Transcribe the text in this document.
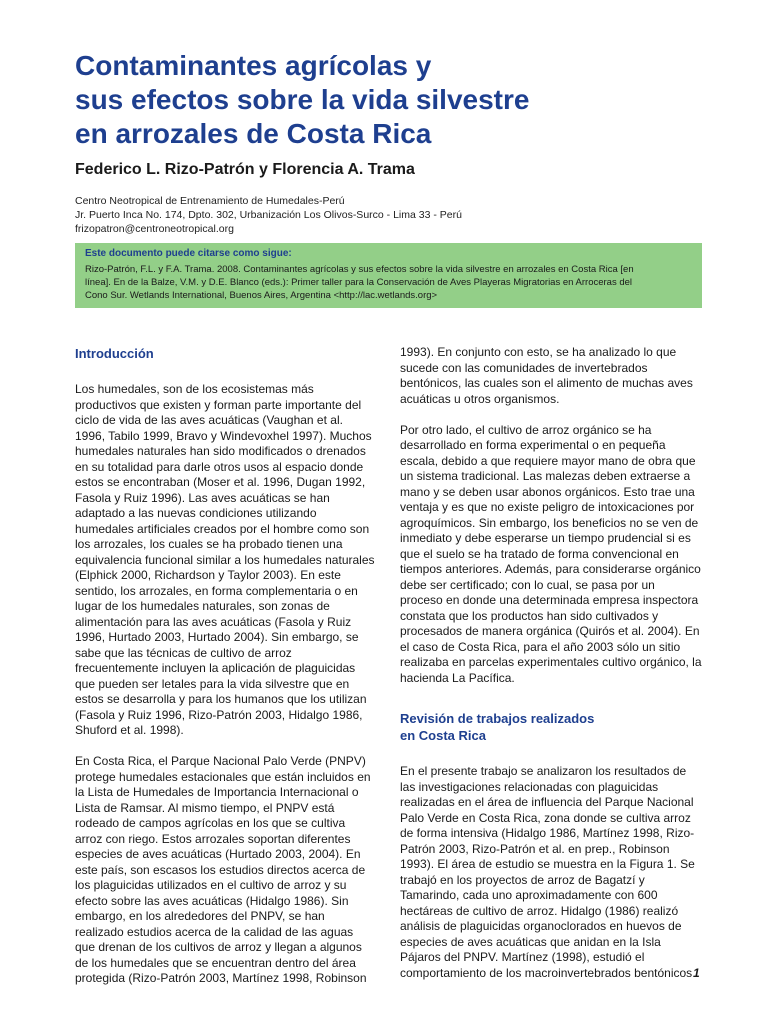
Contaminantes agrícolas y
sus efectos sobre la vida silvestre
en arrozales de Costa Rica
Federico L. Rizo-Patrón y Florencia A. Trama
Centro Neotropical de Entrenamiento de Humedales-Perú
Jr. Puerto Inca No. 174, Dpto. 302, Urbanización Los Olivos-Surco - Lima 33 - Perú
frizopatron@centroneotropical.org
Este documento puede citarse como sigue:
Rizo-Patrón, F.L. y F.A. Trama. 2008. Contaminantes agrícolas y sus efectos sobre la vida silvestre en arrozales en Costa Rica [en
línea]. En de la Balze, V.M. y D.E. Blanco (eds.): Primer taller para la Conservación de Aves Playeras Migratorias en Arroceras del
Cono Sur. Wetlands International, Buenos Aires, Argentina <http://lac.wetlands.org>
Introducción
Los humedales, son de los ecosistemas más
productivos que existen y forman parte importante del
ciclo de vida de las aves acuáticas (Vaughan et al.
1996, Tabilo 1999, Bravo y Windevoxhel 1997). Muchos
humedales naturales han sido modificados o drenados
en su totalidad para darle otros usos al espacio donde
estos se encontraban (Moser et al. 1996, Dugan 1992,
Fasola y Ruiz 1996). Las aves acuáticas se han
adaptado a las nuevas condiciones utilizando
humedales artificiales creados por el hombre como son
los arrozales, los cuales se ha probado tienen una
equivalencia funcional similar a los humedales naturales
(Elphick 2000, Richardson y Taylor 2003). En este
sentido, los arrozales, en forma complementaria o en
lugar de los humedales naturales, son zonas de
alimentación para las aves acuáticas (Fasola y Ruiz
1996, Hurtado 2003, Hurtado 2004). Sin embargo, se
sabe que las técnicas de cultivo de arroz
frecuentemente incluyen la aplicación de plaguicidas
que pueden ser letales para la vida silvestre que en
estos se desarrolla y para los humanos que los utilizan
(Fasola y Ruiz 1996, Rizo-Patrón 2003, Hidalgo 1986,
Shuford et al. 1998).
En Costa Rica, el Parque Nacional Palo Verde (PNPV)
protege humedales estacionales que están incluidos en
la Lista de Humedales de Importancia Internacional o
Lista de Ramsar. Al mismo tiempo, el PNPV está
rodeado de campos agrícolas en los que se cultiva
arroz con riego. Estos arrozales soportan diferentes
especies de aves acuáticas (Hurtado 2003, 2004). En
este país, son escasos los estudios directos acerca de
los plaguicidas utilizados en el cultivo de arroz y su
efecto sobre las aves acuáticas (Hidalgo 1986). Sin
embargo, en los alrededores del PNPV, se han
realizado estudios acerca de la calidad de las aguas
que drenan de los cultivos de arroz y llegan a algunos
de los humedales que se encuentran dentro del área
protegida (Rizo-Patrón 2003, Martínez 1998, Robinson
1993). En conjunto con esto, se ha analizado lo que
sucede con las comunidades de invertebrados
bentónicos, las cuales son el alimento de muchas aves
acuáticas u otros organismos.
Por otro lado, el cultivo de arroz orgánico se ha
desarrollado en forma experimental o en pequeña
escala, debido a que requiere mayor mano de obra que
un sistema tradicional. Las malezas deben extraerse a
mano y se deben usar abonos orgánicos. Esto trae una
ventaja y es que no existe peligro de intoxicaciones por
agroquímicos. Sin embargo, los beneficios no se ven de
inmediato y debe esperarse un tiempo prudencial si es
que el suelo se ha tratado de forma convencional en
tiempos anteriores. Además, para considerarse orgánico
debe ser certificado; con lo cual, se pasa por un
proceso en donde una determinada empresa inspectora
constata que los productos han sido cultivados y
procesados de manera orgánica (Quirós et al. 2004). En
el caso de Costa Rica, para el año 2003 sólo un sitio
realizaba en parcelas experimentales cultivo orgánico, la
hacienda La Pacífica.
Revisión de trabajos realizados
en Costa Rica
En el presente trabajo se analizaron los resultados de
las investigaciones relacionadas con plaguicidas
realizadas en el área de influencia del Parque Nacional
Palo Verde en Costa Rica, zona donde se cultiva arroz
de forma intensiva (Hidalgo 1986, Martínez 1998, Rizo-
Patrón 2003, Rizo-Patrón et al. en prep., Robinson
1993). El área de estudio se muestra en la Figura 1. Se
trabajó en los proyectos de arroz de Bagatzí y
Tamarindo, cada uno aproximadamente con 600
hectáreas de cultivo de arroz. Hidalgo (1986) realizó
análisis de plaguicidas organoclorados en huevos de
especies de aves acuáticas que anidan en la Isla
Pájaros del PNPV. Martínez (1998), estudió el
comportamiento de los macroinvertebrados bentónicos 1
